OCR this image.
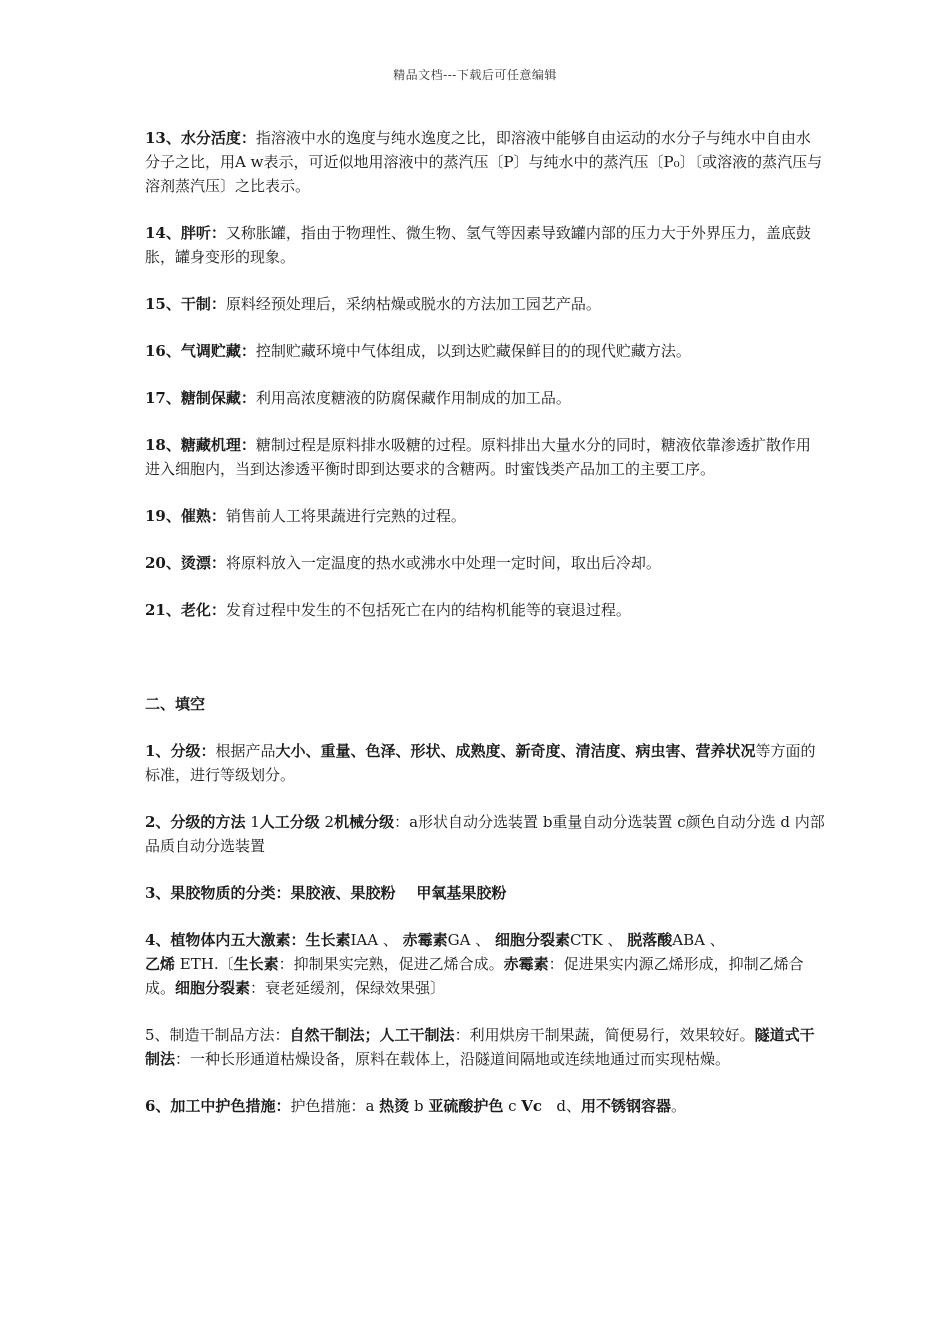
精品文档---下载后可任意编辑

13、水分活度：指溶液中水的逸度与纯水逸度之比，即溶液中能够自由运动的水分子与纯水中自由水分子之比，用A w表示，可近似地用溶液中的蒸汽压〔P〕与纯水中的蒸汽压〔P₀〕〔或溶液的蒸汽压与溶剂蒸汽压〕之比表示。

14、胖听：又称胀罐，指由于物理性、微生物、氢气等因素导致罐内部的压力大于外界压力，盖底鼓胀，罐身变形的现象。

15、干制：原料经预处理后，采纳枯燥或脱水的方法加工园艺产品。

16、气调贮藏：控制贮藏环境中气体组成，以到达贮藏保鲜目的的现代贮藏方法。

17、糖制保藏：利用高浓度糖液的防腐保藏作用制成的加工品。

18、糖藏机理：糖制过程是原料排水吸糖的过程。原料排出大量水分的同时，糖液依靠渗透扩散作用进入细胞内，当到达渗透平衡时即到达要求的含糖两。时蜜饯类产品加工的主要工序。

19、催熟：销售前人工将果蔬进行完熟的过程。

20、烫漂：将原料放入一定温度的热水或沸水中处理一定时间，取出后冷却。

21、老化：发育过程中发生的不包括死亡在内的结构机能等的衰退过程。

二、填空

1、分级：根据产品大小、重量、色泽、形状、成熟度、新奇度、清洁度、病虫害、营养状况等方面的标准，进行等级划分。

2、分级的方法 1人工分级 2机械分级：a形状自动分选装置 b重量自动分选装置 c颜色自动分选 d 内部品质自动分选装置

3、果胶物质的分类：果胶液、果胶粉    甲氧基果胶粉

4、植物体内五大激素：生长素IAA 、 赤霉素GA 、 细胞分裂素CTK 、 脱落酸ABA 、
乙烯 ETH.〔生长素：抑制果实完熟，促进乙烯合成。赤霉素：促进果实内源乙烯形成，抑制乙烯合成。细胞分裂素：衰老延缓剂，保绿效果强〕

5、制造干制品方法：自然干制法；人工干制法：利用烘房干制果蔬，简便易行，效果较好。隧道式干制法：一种长形通道枯燥设备，原料在载体上，沿隧道间隔地或连续地通过而实现枯燥。

6、加工中护色措施：护色措施：a 热烫 b 亚硫酸护色 c Vc   d、用不锈钢容器。
